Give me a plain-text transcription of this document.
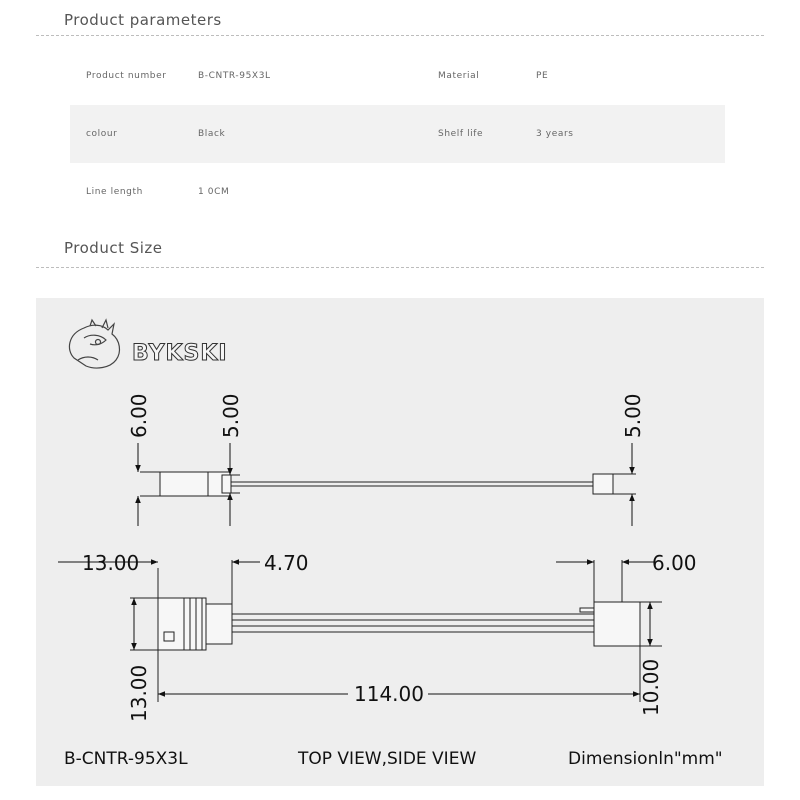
Product parameters
Product number	B-CNTR-95X3L	Material	PE
colour	Black	Shelf life	3 years
Line length	1 0CM
Product Size
BYKSKI
6.00	5.00	5.00
13.00	4.70	6.00
13.00	114.00	10.00
B-CNTR-95X3L	TOP VIEW,SIDE VIEW	Dimensionln"mm"
